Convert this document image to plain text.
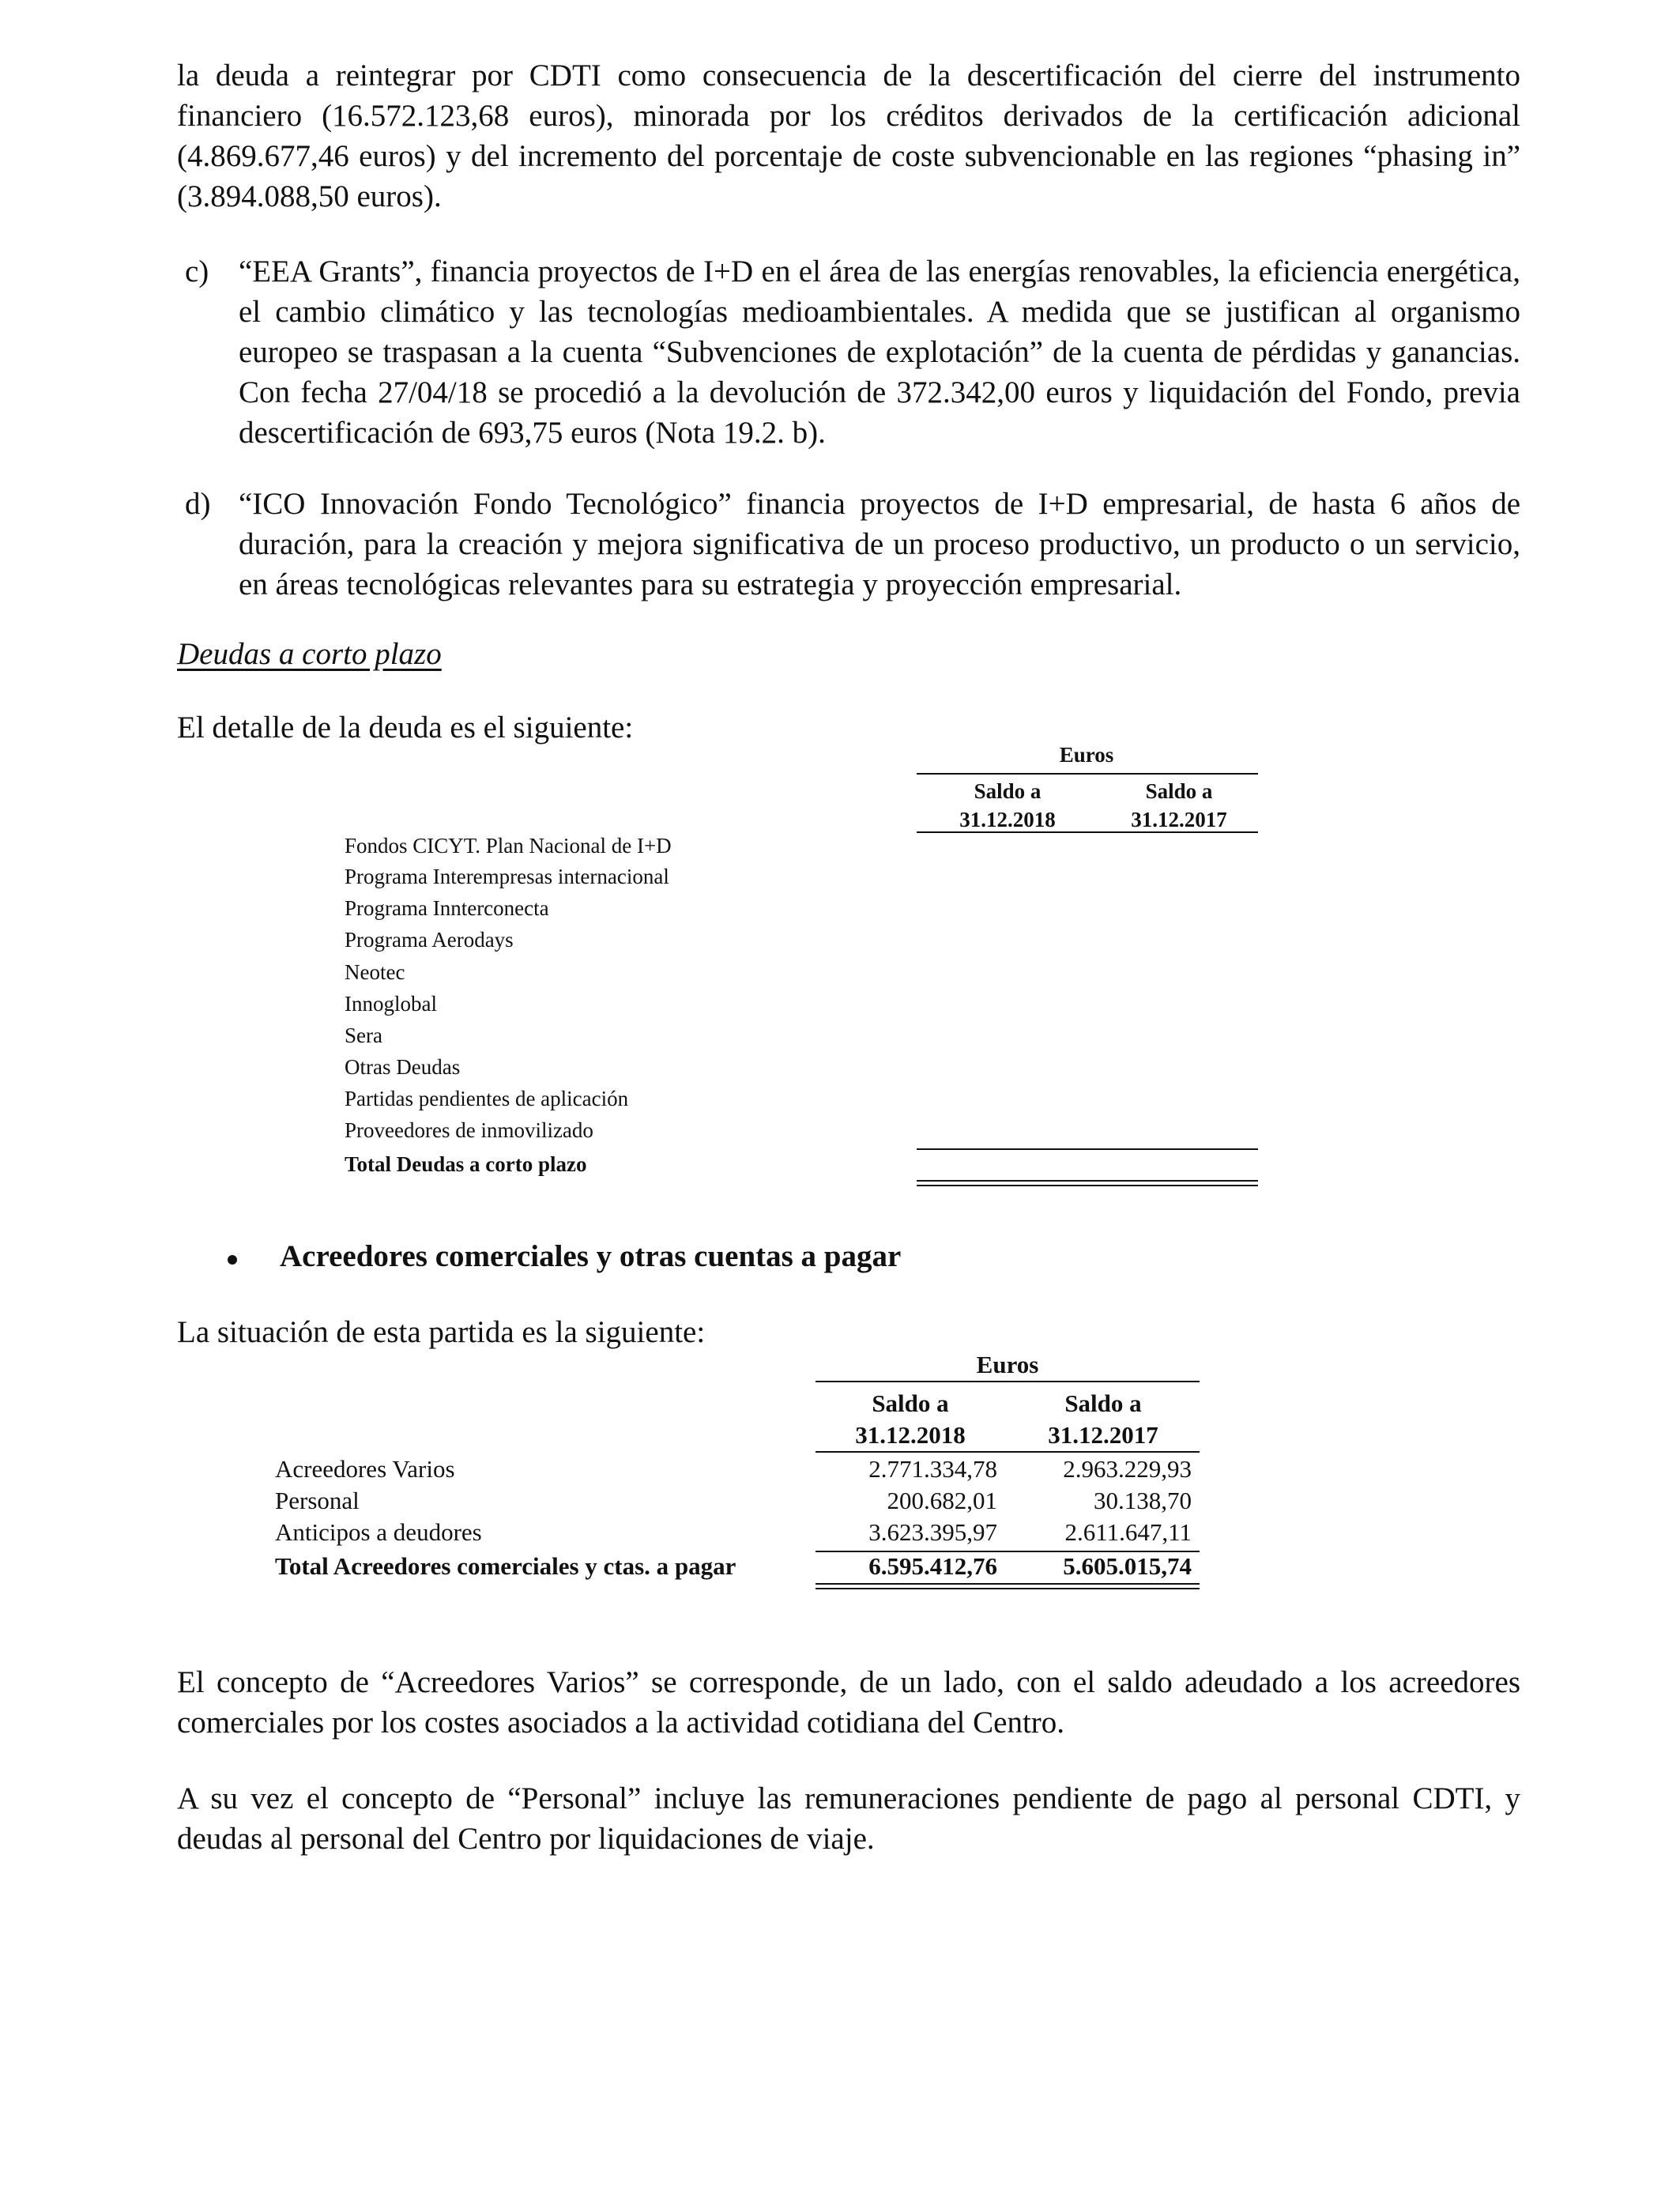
la deuda a reintegrar por CDTI como consecuencia de la descertificación del cierre del instrumento financiero (16.572.123,68 euros), minorada por los créditos derivados de la certificación adicional (4.869.677,46 euros) y del incremento del porcentaje de coste subvencionable en las regiones “phasing in” (3.894.088,50 euros).

c) “EEA Grants”, financia proyectos de I+D en el área de las energías renovables, la eficiencia energética, el cambio climático y las tecnologías medioambientales. A medida que se justifican al organismo europeo se traspasan a la cuenta “Subvenciones de explotación” de la cuenta de pérdidas y ganancias. Con fecha 27/04/18 se procedió a la devolución de 372.342,00 euros y liquidación del Fondo, previa descertificación de 693,75 euros (Nota 19.2. b).
d) “ICO Innovación Fondo Tecnológico” financia proyectos de I+D empresarial, de hasta 6 años de duración, para la creación y mejora significativa de un proceso productivo, un producto o un servicio, en áreas tecnológicas relevantes para su estrategia y proyección empresarial.
Deudas a corto plazo
El detalle de la deuda es el siguiente:
Euros
Saldo a
31.12.2018
Saldo a
31.12.2017
Fondos CICYT. Plan Nacional de I+D
Programa Interempresas internacional
Programa Innterconecta
Programa Aerodays
Neotec
Innoglobal
Sera
Otras Deudas
Partidas pendientes de aplicación
Proveedores de inmovilizado
Total Deudas a corto plazo
Acreedores comerciales y otras cuentas a pagar
La situación de esta partida es la siguiente:
Euros
Saldo a
31.12.2018
Saldo a
31.12.2017
Acreedores Varios	2.771.334,78	2.963.229,93
Personal	200.682,01	30.138,70
Anticipos a deudores	3.623.395,97	2.611.647,11
Total Acreedores comerciales y ctas. a pagar	6.595.412,76	5.605.015,74

El concepto de “Acreedores Varios” se corresponde, de un lado, con el saldo adeudado a los acreedores comerciales por los costes asociados a la actividad cotidiana del Centro.

A su vez el concepto de “Personal” incluye las remuneraciones pendiente de pago al personal CDTI, y deudas al personal del Centro por liquidaciones de viaje.
